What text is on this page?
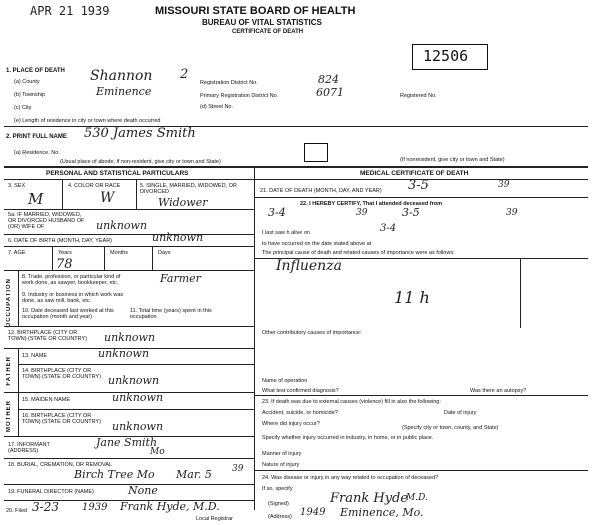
APR 21 1939	MISSOURI STATE BOARD OF HEALTH
BUREAU OF VITAL STATISTICS
CERTIFICATE OF DEATH
12506
1. PLACE OF DEATH
(a) County	Shannon 2
(b) Township	Eminence
(c) City
Registration District No.	824
Primary Registration District No.	6071	Registered No.
(d) Street No.
(e) Length of residence in city or town where death occurred
2. PRINT FULL NAME 530 James Smith
(a) Residence. No.
(Usual place of abode, if non-resident, give city or town and State)	(If nonresident, give city or town and State)
PERSONAL AND STATISTICAL PARTICULARS	MEDICAL CERTIFICATE OF DEATH
3. SEX
M
4. COLOR OR RACE
W
5. SINGLE, MARRIED, WIDOWED, OR DIVORCED
Widower
5a. IF MARRIED, WIDOWED, OR DIVORCED HUSBAND OF (OR) WIFE OF	unknown
6. DATE OF BIRTH (MONTH, DAY, YEAR)	unknown
7. AGE	Years	Months	Days
78
OCCUPATION
8. Trade, profession, or particular kind of work done, as sawyer, bookkeeper, etc.	Farmer
9. Industry or business in which work was done, as saw mill, bank, etc.
10. Date deceased last worked at this occupation (month and year)
11. Total time (years) spent in this occupation
12. BIRTHPLACE (CITY OR TOWN) (STATE OR COUNTRY) unknown
FATHER 13. NAME	unknown
14. BIRTHPLACE (CITY OR TOWN) (STATE OR COUNTRY) unknown
MOTHER 15. MAIDEN NAME	unknown
16. BIRTHPLACE (CITY OR TOWN) (STATE OR COUNTRY) unknown
17. INFORMANT (ADDRESS)
Jane Smith
Mo
18. BURIAL, CREMATION, OR REMOVAL
Birch Tree Mo Mar. 5 39
19. FUNERAL DIRECTOR (NAME)	None
20. Filed 3-23 1939 Frank Hyde, M.D.
Local Registrar
21. DATE OF DEATH (MONTH, DAY, AND YEAR) 3-5	39
22. I HEREBY CERTIFY, That I attended deceased from
3-4	39	3-5	39
I last saw h alive on	3-4
to have occurred on the date stated above at
The principal cause of death and related causes of importance were as follows:
Influenza
11 h
Other contributory causes of importance:
Name of operation
What test confirmed diagnosis?	Was there an autopsy?
23. If death was due to external causes (violence) fill in also the following:
Accident, suicide, or homicide?	Date of injury
Where did injury occur?
(Specify city or town, county, and State)
Specify whether injury occurred in industry, in home, or in public place.
Manner of injury
Nature of injury
24. Was disease or injury in any way related to occupation of deceased?
If so, specify
(Signed)	Frank Hyde
M.D.
(Address) 1949 Eminence, Mo.
